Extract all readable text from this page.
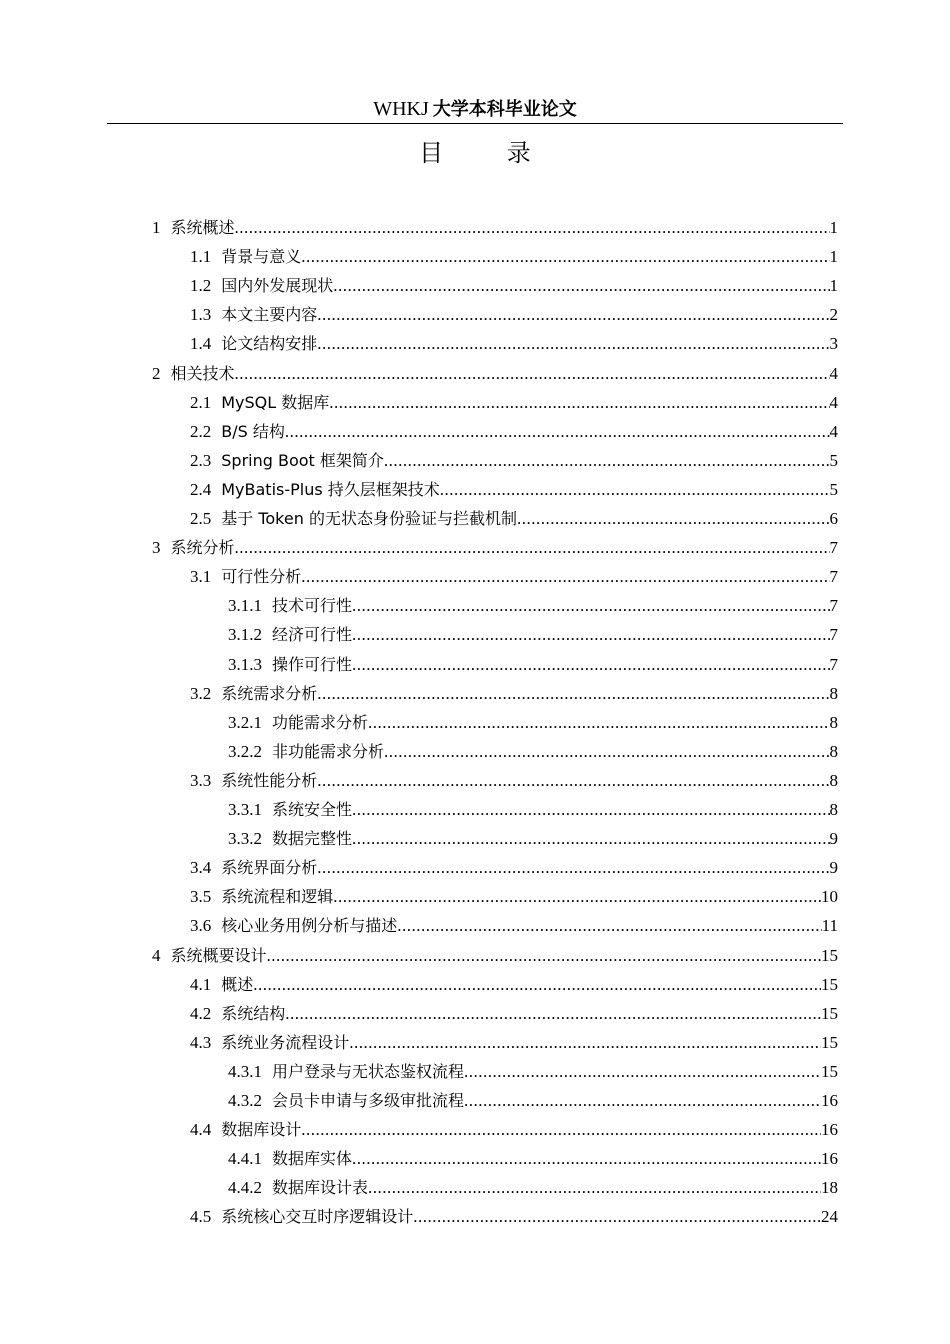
WHKJ 大学本科毕业论文
目 录
1 系统概述 .....	1
1.1 背景与意义 .....	1
1.2 国内外发展现状 .....	1
1.3 本文主要内容 .....	2
1.4 论文结构安排 .....	3
2 相关技术 .....	4
2.1 MySQL 数据库 .....	4
2.2 B/S 结构 .....	4
2.3 Spring Boot 框架简介 .....	5
2.4 MyBatis-Plus 持久层框架技术 .....	5
2.5 基于 Token 的无状态身份验证与拦截机制 .....	6
3 系统分析 .....	7
3.1 可行性分析 .....	7
3.1.1 技术可行性 .....	7
3.1.2 经济可行性 .....	7
3.1.3 操作可行性 .....	7
3.2 系统需求分析 .....	8
3.2.1 功能需求分析 .....	8
3.2.2 非功能需求分析 .....	8
3.3 系统性能分析 .....	8
3.3.1 系统安全性 .....	8
3.3.2 数据完整性 .....	9
3.4 系统界面分析 .....	9
3.5 系统流程和逻辑 .....	10
3.6 核心业务用例分析与描述 .....	11
4 系统概要设计 .....	15
4.1 概述 .....	15
4.2 系统结构 .....	15
4.3 系统业务流程设计 .....	15
4.3.1 用户登录与无状态鉴权流程 .....	15
4.3.2 会员卡申请与多级审批流程 .....	16
4.4 数据库设计 .....	16
4.4.1 数据库实体 .....	16
4.4.2 数据库设计表 .....	18
4.5 系统核心交互时序逻辑设计 .....	24
